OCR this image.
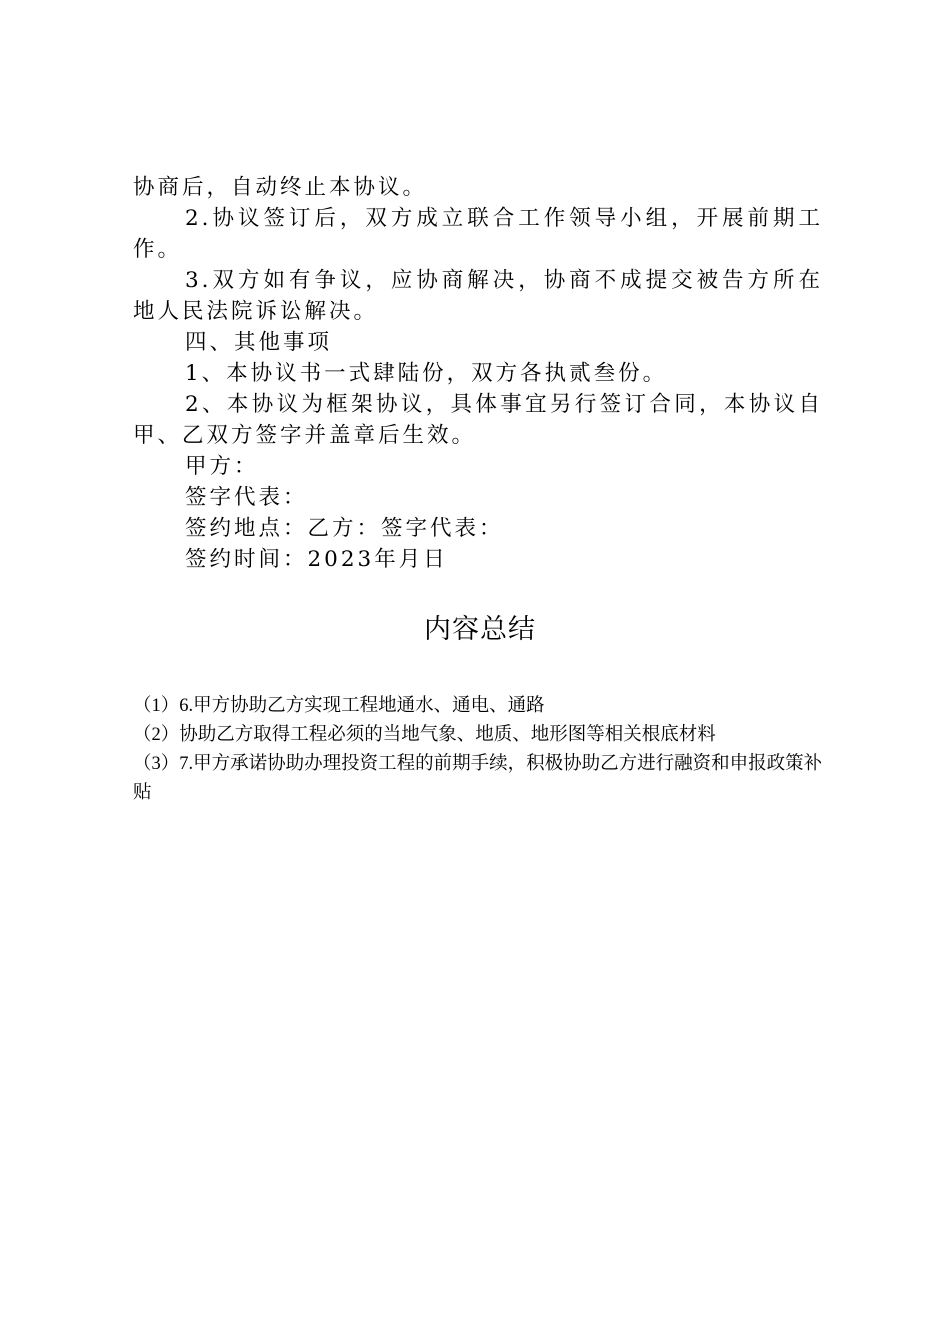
协商后，自动终止本协议。

2.协议签订后，双方成立联合工作领导小组，开展前期工作。

3.双方如有争议，应协商解决，协商不成提交被告方所在地人民法院诉讼解决。

四、其他事项

1、本协议书一式肆陆份，双方各执贰叁份。

2、本协议为框架协议，具体事宜另行签订合同，本协议自甲、乙双方签字并盖章后生效。

甲方：

签字代表：

签约地点：乙方：签字代表：

签约时间：2023年月日

内容总结

（1）6.甲方协助乙方实现工程地通水、通电、通路

（2）协助乙方取得工程必须的当地气象、地质、地形图等相关根底材料

（3）7.甲方承诺协助办理投资工程的前期手续，积极协助乙方进行融资和申报政策补贴
